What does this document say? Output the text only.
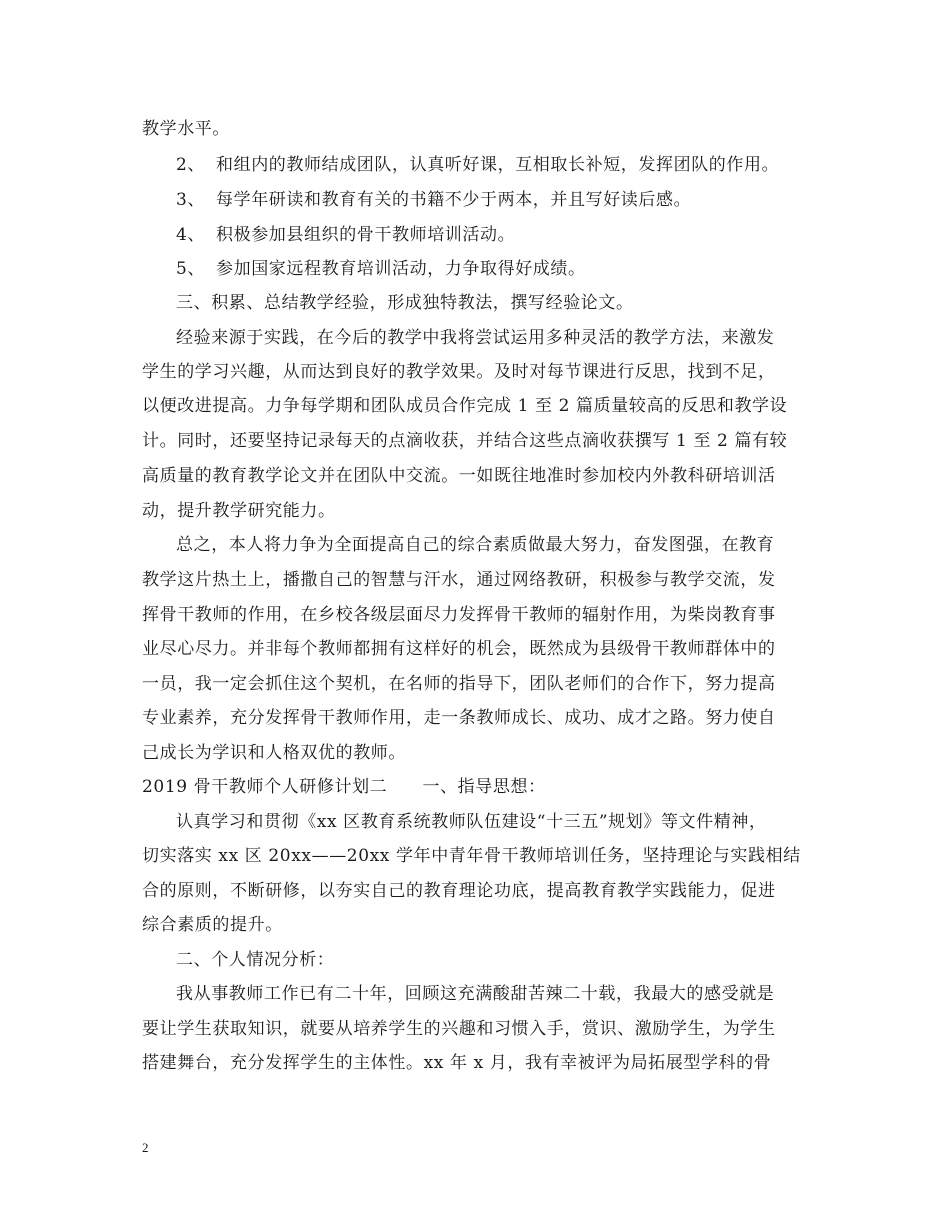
教学水平。
2、 和组内的教师结成团队，认真听好课，互相取长补短，发挥团队的作用。
3、 每学年研读和教育有关的书籍不少于两本，并且写好读后感。
4、 积极参加县组织的骨干教师培训活动。
5、 参加国家远程教育培训活动，力争取得好成绩。
三、积累、总结教学经验，形成独特教法，撰写经验论文。
经验来源于实践，在今后的教学中我将尝试运用多种灵活的教学方法，来激发
学生的学习兴趣，从而达到良好的教学效果。及时对每节课进行反思，找到不足，
以便改进提高。力争每学期和团队成员合作完成 1 至 2 篇质量较高的反思和教学设
计。同时，还要坚持记录每天的点滴收获，并结合这些点滴收获撰写 1 至 2 篇有较
高质量的教育教学论文并在团队中交流。一如既往地准时参加校内外教科研培训活
动，提升教学研究能力。
总之，本人将力争为全面提高自己的综合素质做最大努力，奋发图强，在教育
教学这片热土上，播撒自己的智慧与汗水，通过网络教研，积极参与教学交流，发
挥骨干教师的作用，在乡校各级层面尽力发挥骨干教师的辐射作用，为柴岗教育事
业尽心尽力。并非每个教师都拥有这样好的机会，既然成为县级骨干教师群体中的
一员，我一定会抓住这个契机，在名师的指导下，团队老师们的合作下，努力提高
专业素养，充分发挥骨干教师作用，走一条教师成长、成功、成才之路。努力使自
己成长为学识和人格双优的教师。
2019 骨干教师个人研修计划二　　一、指导思想：
认真学习和贯彻《xx 区教育系统教师队伍建设“十三五”规划》等文件精神，
切实落实 xx 区 20xx——20xx 学年中青年骨干教师培训任务，坚持理论与实践相结
合的原则，不断研修，以夯实自己的教育理论功底，提高教育教学实践能力，促进
综合素质的提升。
二、个人情况分析：
我从事教师工作已有二十年，回顾这充满酸甜苦辣二十载，我最大的感受就是
要让学生获取知识，就要从培养学生的兴趣和习惯入手，赏识、激励学生，为学生
搭建舞台，充分发挥学生的主体性。xx 年 x 月，我有幸被评为局拓展型学科的骨
2
